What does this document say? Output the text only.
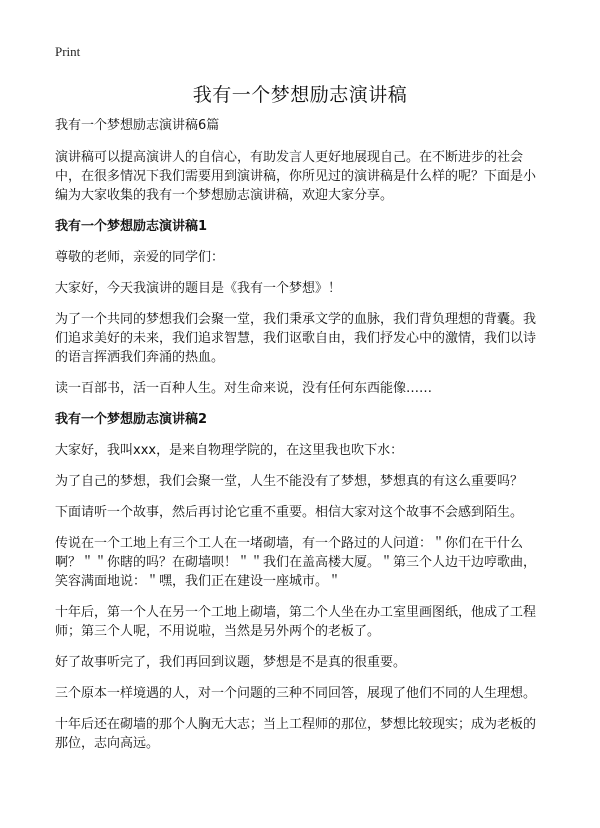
Print
我有一个梦想励志演讲稿

我有一个梦想励志演讲稿6篇

演讲稿可以提高演讲人的自信心，有助发言人更好地展现自己。在不断进步的社会中，在很多情况下我们需要用到演讲稿，你所见过的演讲稿是什么样的呢？下面是小编为大家收集的我有一个梦想励志演讲稿，欢迎大家分享。

我有一个梦想励志演讲稿1

尊敬的老师，亲爱的同学们：

大家好，今天我演讲的题目是《我有一个梦想》！

为了一个共同的梦想我们会聚一堂，我们秉承文学的血脉，我们背负理想的背囊。我们追求美好的未来，我们追求智慧，我们讴歌自由，我们抒发心中的激情，我们以诗的语言挥洒我们奔涌的热血。

读一百部书，活一百种人生。对生命来说，没有任何东西能像……

我有一个梦想励志演讲稿2

大家好，我叫xxx，是来自物理学院的，在这里我也吹下水：

为了自己的梦想，我们会聚一堂，人生不能没有了梦想，梦想真的有这么重要吗？

下面请听一个故事，然后再讨论它重不重要。相信大家对这个故事不会感到陌生。

传说在一个工地上有三个工人在一堵砌墙，有一个路过的人问道：＂你们在干什么啊？＂＂你瞎的吗？在砌墙呗！＂＂我们在盖高楼大厦。＂第三个人边干边哼歌曲，笑容满面地说：＂嘿，我们正在建设一座城市。＂

十年后，第一个人在另一个工地上砌墙，第二个人坐在办工室里画图纸，他成了工程师；第三个人呢，不用说啦，当然是另外两个的老板了。

好了故事听完了，我们再回到议题，梦想是不是真的很重要。

三个原本一样境遇的人，对一个问题的三种不同回答，展现了他们不同的人生理想。

十年后还在砌墙的那个人胸无大志；当上工程师的那位，梦想比较现实；成为老板的那位，志向高远。
